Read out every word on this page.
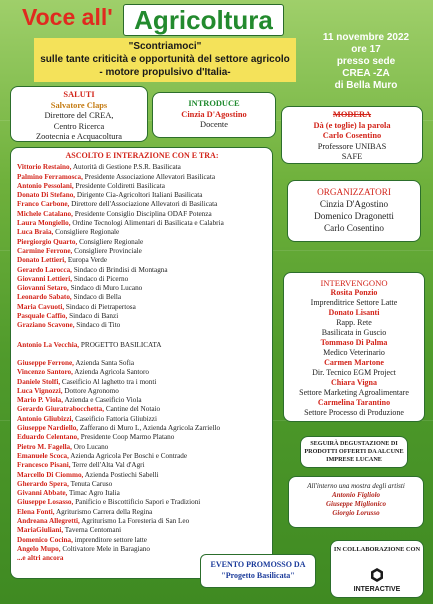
Voce all' Agricoltura
"Scontriamoci"
sulle tante criticità e opportunità del settore agricolo
- motore propulsivo d'Italia-
11 novembre 2022
ore 17
presso sede
CREA -ZA
di Bella Muro
SALUTI
Salvatore Claps
Direttore del CREA,
Centro Ricerca
Zootecnia e Acquacoltura
INTRODUCE
Cinzia D'Agostino
Docente
MODERA
Dà (e toglie) la parola
Carlo Cosentino
Professore UNIBAS
SAFE
ASCOLTO E INTERAZIONE CON E TRA:
Vittorio Restaino, Autorità di Gestione P.S.R. Basilicata
Palmino Ferramosca, Presidente Associazione Allevatori Basilicata
Antonio Pessolani, Presidente Coldiretti Basilicata
Donato Di Stefano, Dirigente Cia-Agricoltori Italiani Basilicata
Franco Carbone, Direttore dell'Associazione Allevatori di Basilicata
Michele Catalano, Presidente Consiglio Disciplina ODAF Potenza
Laura Mongiello, Ordine Tecnologi Alimentari di Basilicata e Calabria
Luca Braia, Consigliere Regionale
Piergiorgio Quarto, Consigliere Regionale
Carmine Ferrone, Consigliere Provinciale
Donato Lettieri, Europa Verde
Gerardo Larocca, Sindaco di Brindisi di Montagna
Giovanni Lettieri, Sindaco di Picerno
Giovanni Setaro, Sindaco di Muro Lucano
Leonardo Sabato, Sindaco di Bella
Maria Cavuoti, Sindaco di Pietrapertosa
Pasquale Caffio, Sindaco di Banzi
Graziano Scavone, Sindaco di Tito
Antonio La Vecchia, PROGETTO BASILICATA
Giuseppe Ferrone, Azienda Santa Sofia
Vincenzo Santoro, Azienda Agricola Santoro
Daniele Stolfi, Caseificio Al laghetto tra i monti
Luca Vignozzi, Dottore Agronomo
Mario P. Viola, Azienda e Caseificio Viola
Gerardo Giuratrabocchetta, Cantine del Notaio
Antonio Gliubizzi, Caseificio Fattoria Gliubizzi
Giuseppe Nardiello, Zafferano di Muro L, Azienda Agricola Zarriello
Eduardo Celentano, Presidente Coop Marmo Platano
Pietro M. Fagella, Oro Lucano
Emanuele Scoca, Azienda Agricola Per Boschi e Contrade
Francesco Pisani, Terre dell'Alta Val d'Agri
Marcello Di Ciommo, Azienda Postiechi Sabelli
Gherardo Spera, Tenuta Caruso
Givanni Abbate, Timac Agro Italia
Giuseppe Losasso, Panificio e Biscottificio Sapori e Tradizioni
Elena Fonti, Agriturismo Carrera della Regina
Andreana Allegretti, Agriturismo La Foresteria di San Leo
MariaGiuliani, Taverna Centomani
Domenico Cocina, imprenditore settore latte
Angelo Mupo, Coltivatore Mele in Baragiano
...e altri ancora
ORGANIZZATORI
Cinzia D'Agostino
Domenico Dragonetti
Carlo Cosentino
INTERVENGONO
Rosita Ponzio
Imprenditrice Settore Latte
Donato Lisanti
Rapp. Rete
Basilicata in Guscio
Tommaso Di Palma
Medico Veterinario
Carmen Martone
Dir. Tecnico EGM Project
Chiara Vigna
Settore Marketing Agroalimentare
Carmelina Tarantino
Settore Processo di Produzione
SEGUIRÀ DEGUSTAZIONE DI
PRODOTTI OFFERTI DA ALCUNE
IMPRESE LUCANE
All'interno una mostra degli artisti
Antonio Figliolo
Giuseppe Miglionico
Giorgio Lorusso
EVENTO PROMOSSO DA
"Progetto Basilicata"
IN COLLABORAZIONE CON
INTERACTIVE
